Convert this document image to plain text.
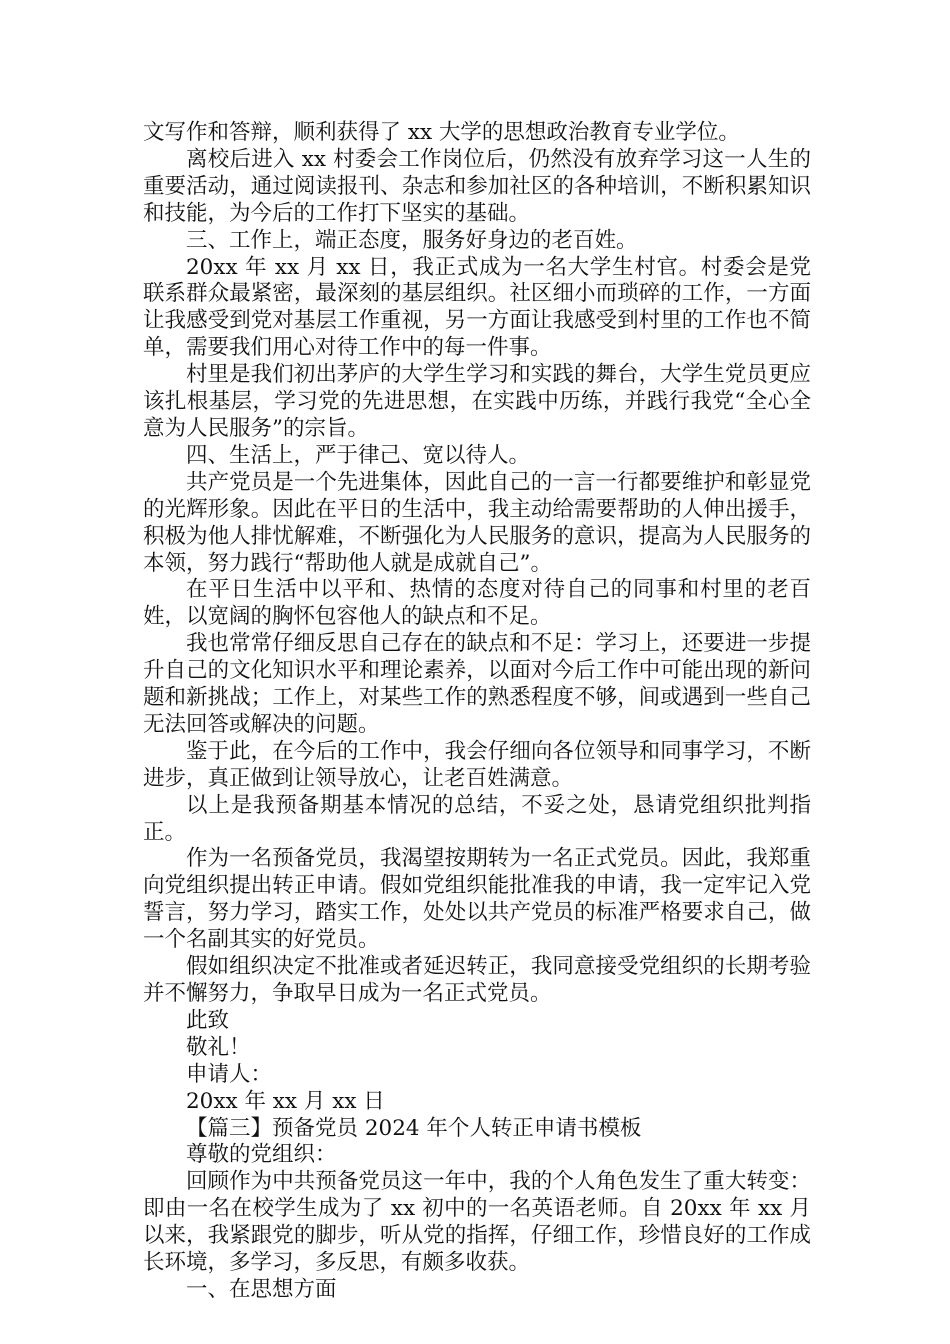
文写作和答辩，顺利获得了 xx 大学的思想政治教育专业学位。

离校后进入 xx 村委会工作岗位后，仍然没有放弃学习这一人生的重要活动，通过阅读报刊、杂志和参加社区的各种培训，不断积累知识和技能，为今后的工作打下坚实的基础。

三、工作上，端正态度，服务好身边的老百姓。

20xx 年 xx 月 xx 日，我正式成为一名大学生村官。村委会是党联系群众最紧密，最深刻的基层组织。社区细小而琐碎的工作，一方面让我感受到党对基层工作重视，另一方面让我感受到村里的工作也不简单，需要我们用心对待工作中的每一件事。

村里是我们初出茅庐的大学生学习和实践的舞台，大学生党员更应该扎根基层，学习党的先进思想，在实践中历练，并践行我党“全心全意为人民服务”的宗旨。

四、生活上，严于律己、宽以待人。

共产党员是一个先进集体，因此自己的一言一行都要维护和彰显党的光辉形象。因此在平日的生活中，我主动给需要帮助的人伸出援手，积极为他人排忧解难，不断强化为人民服务的意识，提高为人民服务的本领，努力践行“帮助他人就是成就自己”。

在平日生活中以平和、热情的态度对待自己的同事和村里的老百姓，以宽阔的胸怀包容他人的缺点和不足。

我也常常仔细反思自己存在的缺点和不足：学习上，还要进一步提升自己的文化知识水平和理论素养，以面对今后工作中可能出现的新问题和新挑战；工作上，对某些工作的熟悉程度不够，间或遇到一些自己无法回答或解决的问题。

鉴于此，在今后的工作中，我会仔细向各位领导和同事学习，不断进步，真正做到让领导放心，让老百姓满意。

以上是我预备期基本情况的总结，不妥之处，恳请党组织批判指正。

作为一名预备党员，我渴望按期转为一名正式党员。因此，我郑重向党组织提出转正申请。假如党组织能批准我的申请，我一定牢记入党誓言，努力学习，踏实工作，处处以共产党员的标准严格要求自己，做一个名副其实的好党员。

假如组织决定不批准或者延迟转正，我同意接受党组织的长期考验并不懈努力，争取早日成为一名正式党员。

此致

敬礼！

申请人：

20xx 年 xx 月 xx 日

【篇三】预备党员 2024 年个人转正申请书模板

尊敬的党组织：

回顾作为中共预备党员这一年中，我的个人角色发生了重大转变：即由一名在校学生成为了 xx 初中的一名英语老师。自 20xx 年 xx 月以来，我紧跟党的脚步，听从党的指挥，仔细工作，珍惜良好的工作成长环境，多学习，多反思，有颇多收获。

一、在思想方面
